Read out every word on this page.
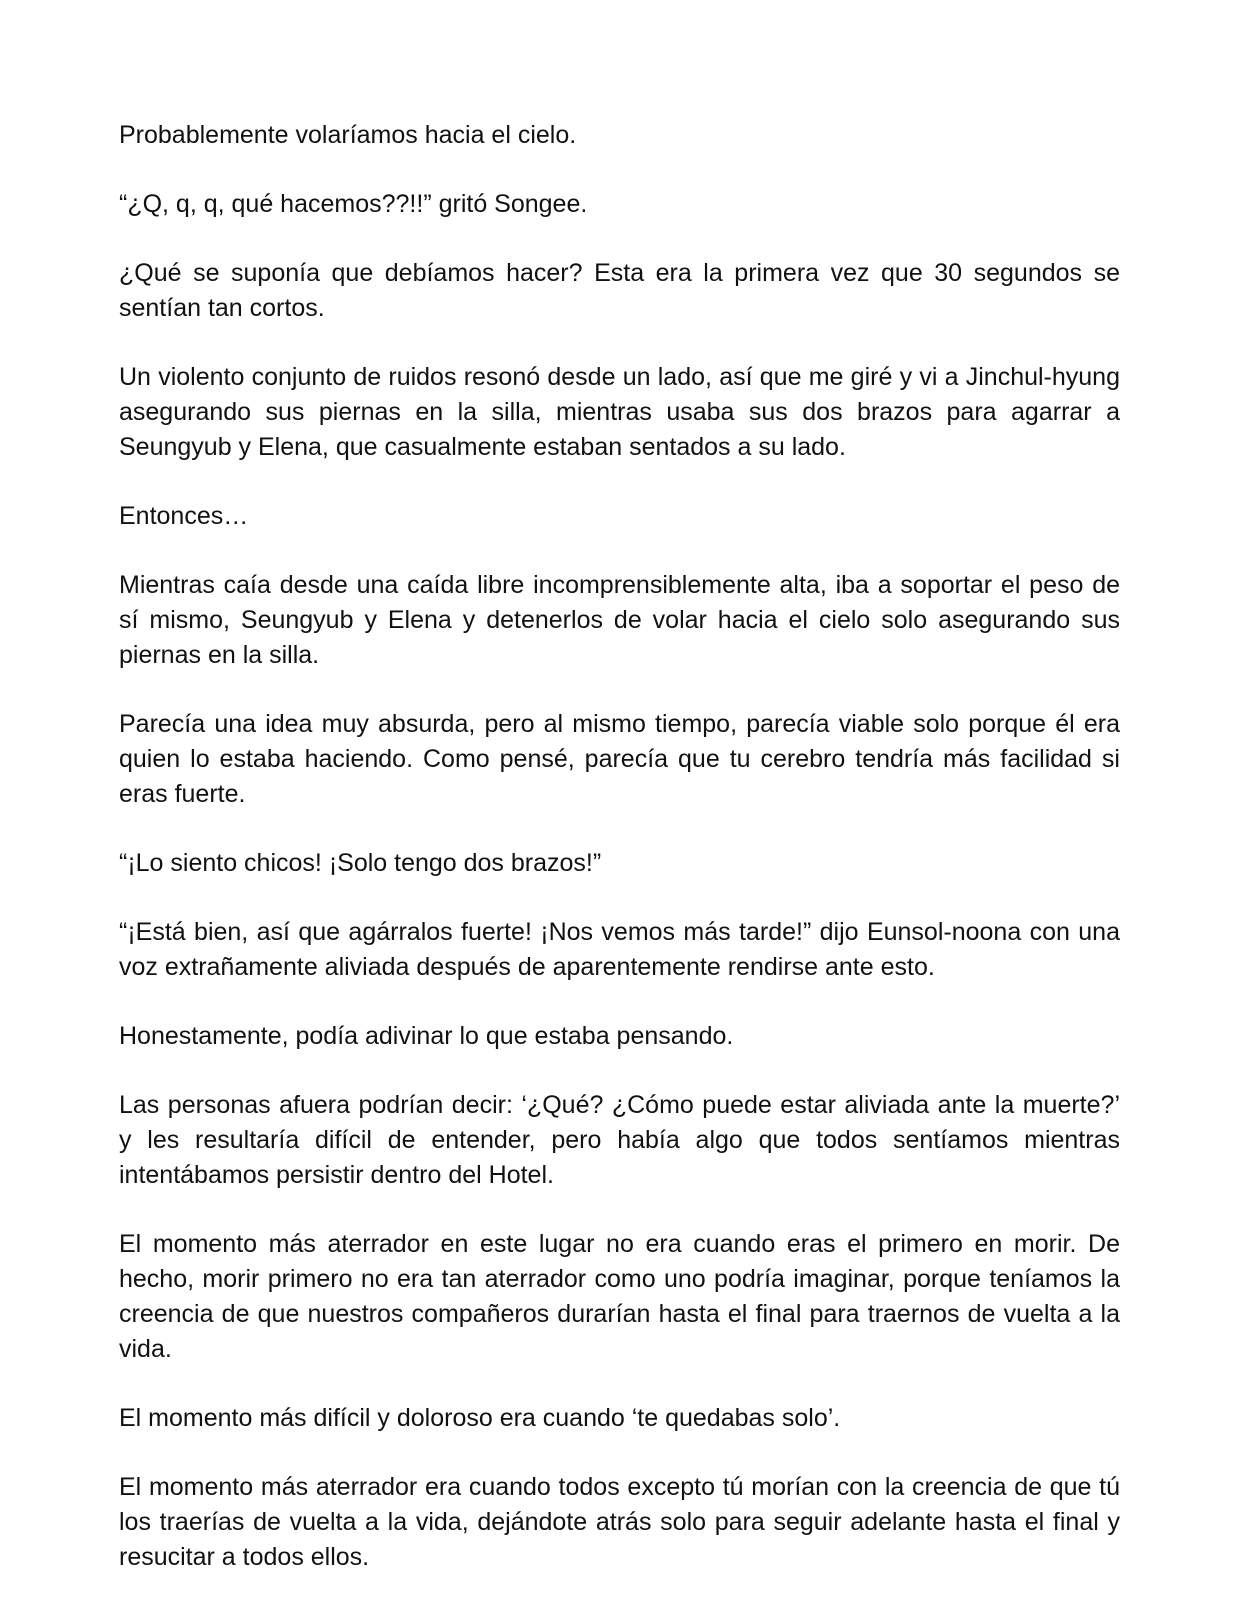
Probablemente volaríamos hacia el cielo.

“¿Q, q, q, qué hacemos??!!” gritó Songee.

¿Qué se suponía que debíamos hacer? Esta era la primera vez que 30 segundos se sentían tan cortos.

Un violento conjunto de ruidos resonó desde un lado, así que me giré y vi a Jinchul-hyung asegurando sus piernas en la silla, mientras usaba sus dos brazos para agarrar a Seungyub y Elena, que casualmente estaban sentados a su lado.

Entonces…

Mientras caía desde una caída libre incomprensiblemente alta, iba a soportar el peso de sí mismo, Seungyub y Elena y detenerlos de volar hacia el cielo solo asegurando sus piernas en la silla.

Parecía una idea muy absurda, pero al mismo tiempo, parecía viable solo porque él era quien lo estaba haciendo. Como pensé, parecía que tu cerebro tendría más facilidad si eras fuerte.

“¡Lo siento chicos! ¡Solo tengo dos brazos!”

“¡Está bien, así que agárralos fuerte! ¡Nos vemos más tarde!” dijo Eunsol-noona con una voz extrañamente aliviada después de aparentemente rendirse ante esto.

Honestamente, podía adivinar lo que estaba pensando.

Las personas afuera podrían decir: ‘¿Qué? ¿Cómo puede estar aliviada ante la muerte?’ y les resultaría difícil de entender, pero había algo que todos sentíamos mientras intentábamos persistir dentro del Hotel.

El momento más aterrador en este lugar no era cuando eras el primero en morir. De hecho, morir primero no era tan aterrador como uno podría imaginar, porque teníamos la creencia de que nuestros compañeros durarían hasta el final para traernos de vuelta a la vida.

El momento más difícil y doloroso era cuando ‘te quedabas solo’.

El momento más aterrador era cuando todos excepto tú morían con la creencia de que tú los traerías de vuelta a la vida, dejándote atrás solo para seguir adelante hasta el final y resucitar a todos ellos.
